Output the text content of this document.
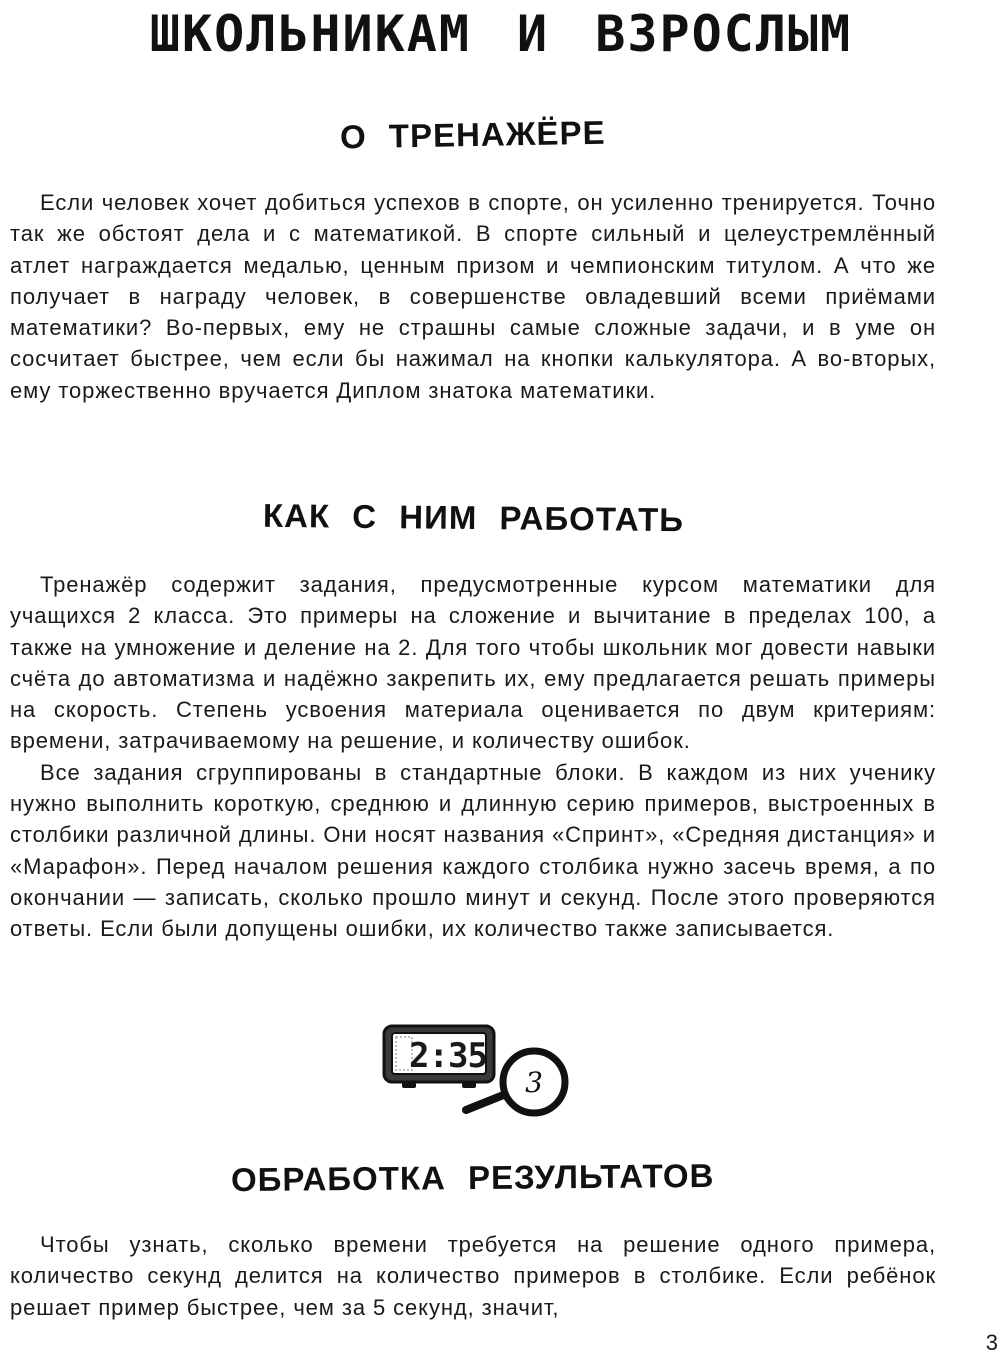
ШКОЛЬНИКАМ И ВЗРОСЛЫМ
О ТРЕНАЖЁРЕ

Если человек хочет добиться успехов в спорте, он усиленно тренируется. Точно так же обстоят дела и с математикой. В спорте сильный и целеустремлённый атлет награждается медалью, ценным призом и чемпионским титулом. А что же получает в награду человек, в совершенстве овладевший всеми приёмами математики? Во-первых, ему не страшны самые сложные задачи, и в уме он сосчитает быстрее, чем если бы нажимал на кнопки калькулятора. А во-вторых, ему торжественно вручается Диплом знатока математики.

КАК С НИМ РАБОТАТЬ

Тренажёр содержит задания, предусмотренные курсом математики для учащихся 2 класса. Это примеры на сложение и вычитание в пределах 100, а также на умножение и деление на 2. Для того чтобы школьник мог довести навыки счёта до автоматизма и надёжно закрепить их, ему предлагается решать примеры на скорость. Степень усвоения материала оценивается по двум критериям: времени, затрачиваемому на решение, и количеству ошибок.

Все задания сгруппированы в стандартные блоки. В каждом из них ученику нужно выполнить короткую, среднюю и длинную серию примеров, выстроенных в столбики различной длины. Они носят названия «Спринт», «Средняя дистанция» и «Марафон». Перед началом решения каждого столбика нужно засечь время, а по окончании — записать, сколько прошло минут и секунд. После этого проверяются ответы. Если были допущены ошибки, их количество также записывается.

2:35
3
ОБРАБОТКА РЕЗУЛЬТАТОВ

Чтобы узнать, сколько времени требуется на решение одного примера, количество секунд делится на количество примеров в столбике. Если ребёнок решает пример быстрее, чем за 5 секунд, значит,

3
